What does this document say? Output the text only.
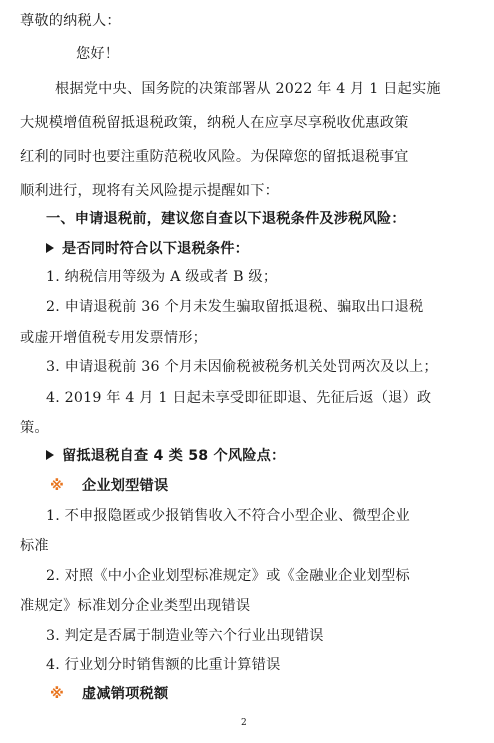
尊敬的纳税人：
您好！
根据党中央、国务院的决策部署从 2022 年 4 月 1 日起实施
大规模增值税留抵退税政策，纳税人在应享尽享税收优惠政策
红利的同时也要注重防范税收风险。为保障您的留抵退税事宜
顺利进行，现将有关风险提示提醒如下：
一、申请退税前，建议您自查以下退税条件及涉税风险：
是否同时符合以下退税条件：
1. 纳税信用等级为 A 级或者 B 级；
2. 申请退税前 36 个月未发生骗取留抵退税、骗取出口退税
或虚开增值税专用发票情形；
3. 申请退税前 36 个月未因偷税被税务机关处罚两次及以上；
4. 2019 年 4 月 1 日起未享受即征即退、先征后返（退）政
策。
留抵退税自查 4 类 58 个风险点：
※ 企业划型错误
1. 不申报隐匿或少报销售收入不符合小型企业、微型企业
标准
2. 对照《中小企业划型标准规定》或《金融业企业划型标
准规定》标准划分企业类型出现错误
3. 判定是否属于制造业等六个行业出现错误
4. 行业划分时销售额的比重计算错误
※ 虚减销项税额
2
